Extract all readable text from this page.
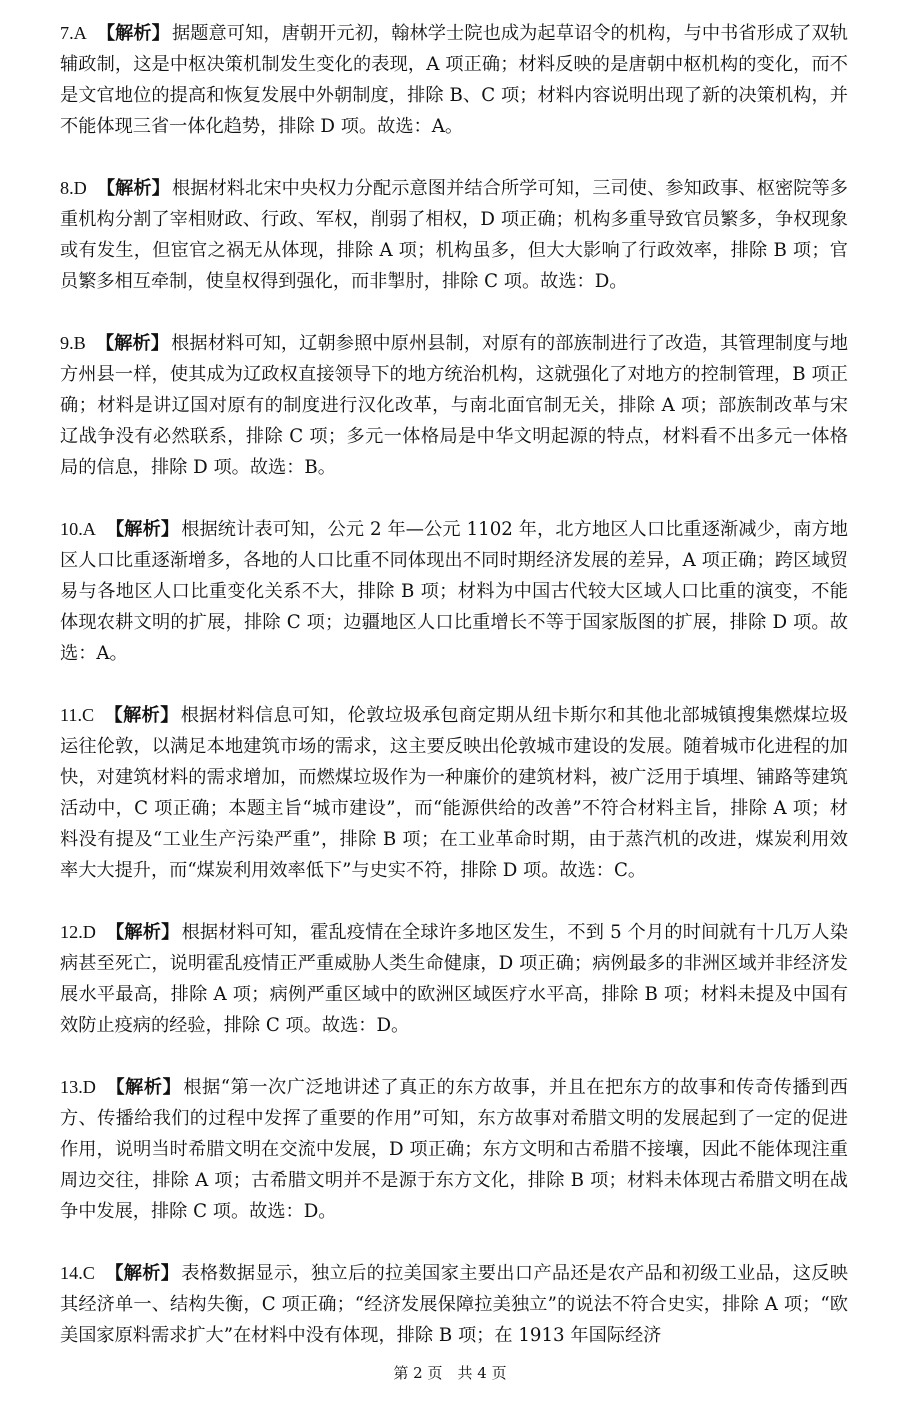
7.A 【解析】 据题意可知，唐朝开元初，翰林学士院也成为起草诏令的机构，与中书省形成了双轨辅政制，这是中枢决策机制发生变化的表现，A 项正确；材料反映的是唐朝中枢机构的变化，而不是文官地位的提高和恢复发展中外朝制度，排除 B、C 项；材料内容说明出现了新的决策机构，并不能体现三省一体化趋势，排除 D 项。故选：A。

8.D 【解析】 根据材料北宋中央权力分配示意图并结合所学可知，三司使、参知政事、枢密院等多重机构分割了宰相财政、行政、军权，削弱了相权，D 项正确；机构多重导致官员繁多，争权现象或有发生，但宦官之祸无从体现，排除 A 项；机构虽多，但大大影响了行政效率，排除 B 项；官员繁多相互牵制，使皇权得到强化，而非掣肘，排除 C 项。故选：D。

9.B 【解析】 根据材料可知，辽朝参照中原州县制，对原有的部族制进行了改造，其管理制度与地方州县一样，使其成为辽政权直接领导下的地方统治机构，这就强化了对地方的控制管理，B 项正确；材料是讲辽国对原有的制度进行汉化改革，与南北面官制无关，排除 A 项；部族制改革与宋辽战争没有必然联系，排除 C 项；多元一体格局是中华文明起源的特点，材料看不出多元一体格局的信息，排除 D 项。故选：B。

10.A 【解析】 根据统计表可知，公元 2 年—公元 1102 年，北方地区人口比重逐渐减少，南方地区人口比重逐渐增多，各地的人口比重不同体现出不同时期经济发展的差异，A 项正确；跨区域贸易与各地区人口比重变化关系不大，排除 B 项；材料为中国古代较大区域人口比重的演变，不能体现农耕文明的扩展，排除 C 项；边疆地区人口比重增长不等于国家版图的扩展，排除 D 项。故选：A。

11.C 【解析】 根据材料信息可知，伦敦垃圾承包商定期从纽卡斯尔和其他北部城镇搜集燃煤垃圾运往伦敦，以满足本地建筑市场的需求，这主要反映出伦敦城市建设的发展。随着城市化进程的加快，对建筑材料的需求增加，而燃煤垃圾作为一种廉价的建筑材料，被广泛用于填埋、铺路等建筑活动中，C 项正确；本题主旨“城市建设”，而“能源供给的改善”不符合材料主旨，排除 A 项；材料没有提及“工业生产污染严重”，排除 B 项；在工业革命时期，由于蒸汽机的改进，煤炭利用效率大大提升，而“煤炭利用效率低下”与史实不符，排除 D 项。故选：C。

12.D 【解析】 根据材料可知，霍乱疫情在全球许多地区发生，不到 5 个月的时间就有十几万人染病甚至死亡，说明霍乱疫情正严重威胁人类生命健康，D 项正确；病例最多的非洲区域并非经济发展水平最高，排除 A 项；病例严重区域中的欧洲区域医疗水平高，排除 B 项；材料未提及中国有效防止疫病的经验，排除 C 项。故选：D。

13.D 【解析】 根据“第一次广泛地讲述了真正的东方故事，并且在把东方的故事和传奇传播到西方、传播给我们的过程中发挥了重要的作用”可知，东方故事对希腊文明的发展起到了一定的促进作用，说明当时希腊文明在交流中发展，D 项正确；东方文明和古希腊不接壤，因此不能体现注重周边交往，排除 A 项；古希腊文明并不是源于东方文化，排除 B 项；材料未体现古希腊文明在战争中发展，排除 C 项。故选：D。

14.C 【解析】 表格数据显示，独立后的拉美国家主要出口产品还是农产品和初级工业品，这反映其经济单一、结构失衡，C 项正确；“经济发展保障拉美独立”的说法不符合史实，排除 A 项；“欧美国家原料需求扩大”在材料中没有体现，排除 B 项；在 1913 年国际经济

第 2 页　共 4 页
